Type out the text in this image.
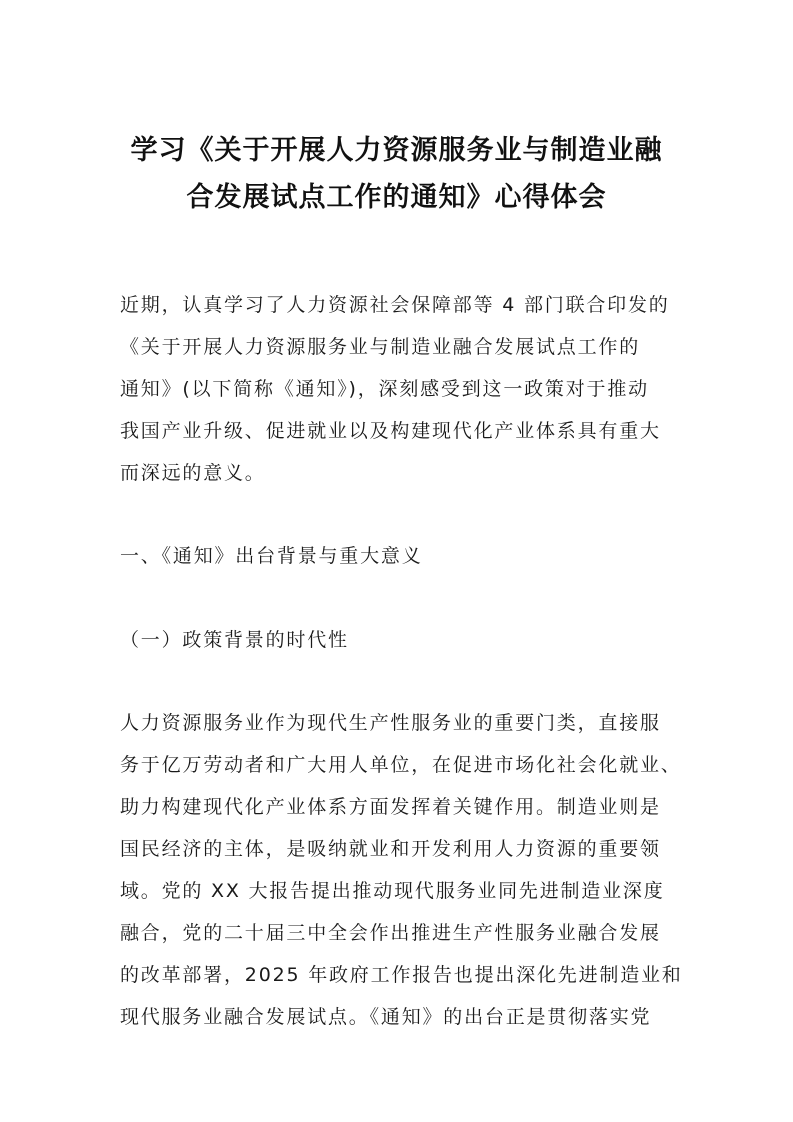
学习《关于开展人力资源服务业与制造业融
合发展试点工作的通知》心得体会
近期，认真学习了人力资源社会保障部等 4 部门联合印发的
《关于开展人力资源服务业与制造业融合发展试点工作的
通知》(以下简称《通知》)，深刻感受到这一政策对于推动
我国产业升级、促进就业以及构建现代化产业体系具有重大
而深远的意义。
一、《通知》出台背景与重大意义
（一）政策背景的时代性
人力资源服务业作为现代生产性服务业的重要门类，直接服
务于亿万劳动者和广大用人单位，在促进市场化社会化就业、
助力构建现代化产业体系方面发挥着关键作用。制造业则是
国民经济的主体，是吸纳就业和开发利用人力资源的重要领
域。党的 XX 大报告提出推动现代服务业同先进制造业深度
融合，党的二十届三中全会作出推进生产性服务业融合发展
的改革部署，2025 年政府工作报告也提出深化先进制造业和
现代服务业融合发展试点。《通知》的出台正是贯彻落实党
